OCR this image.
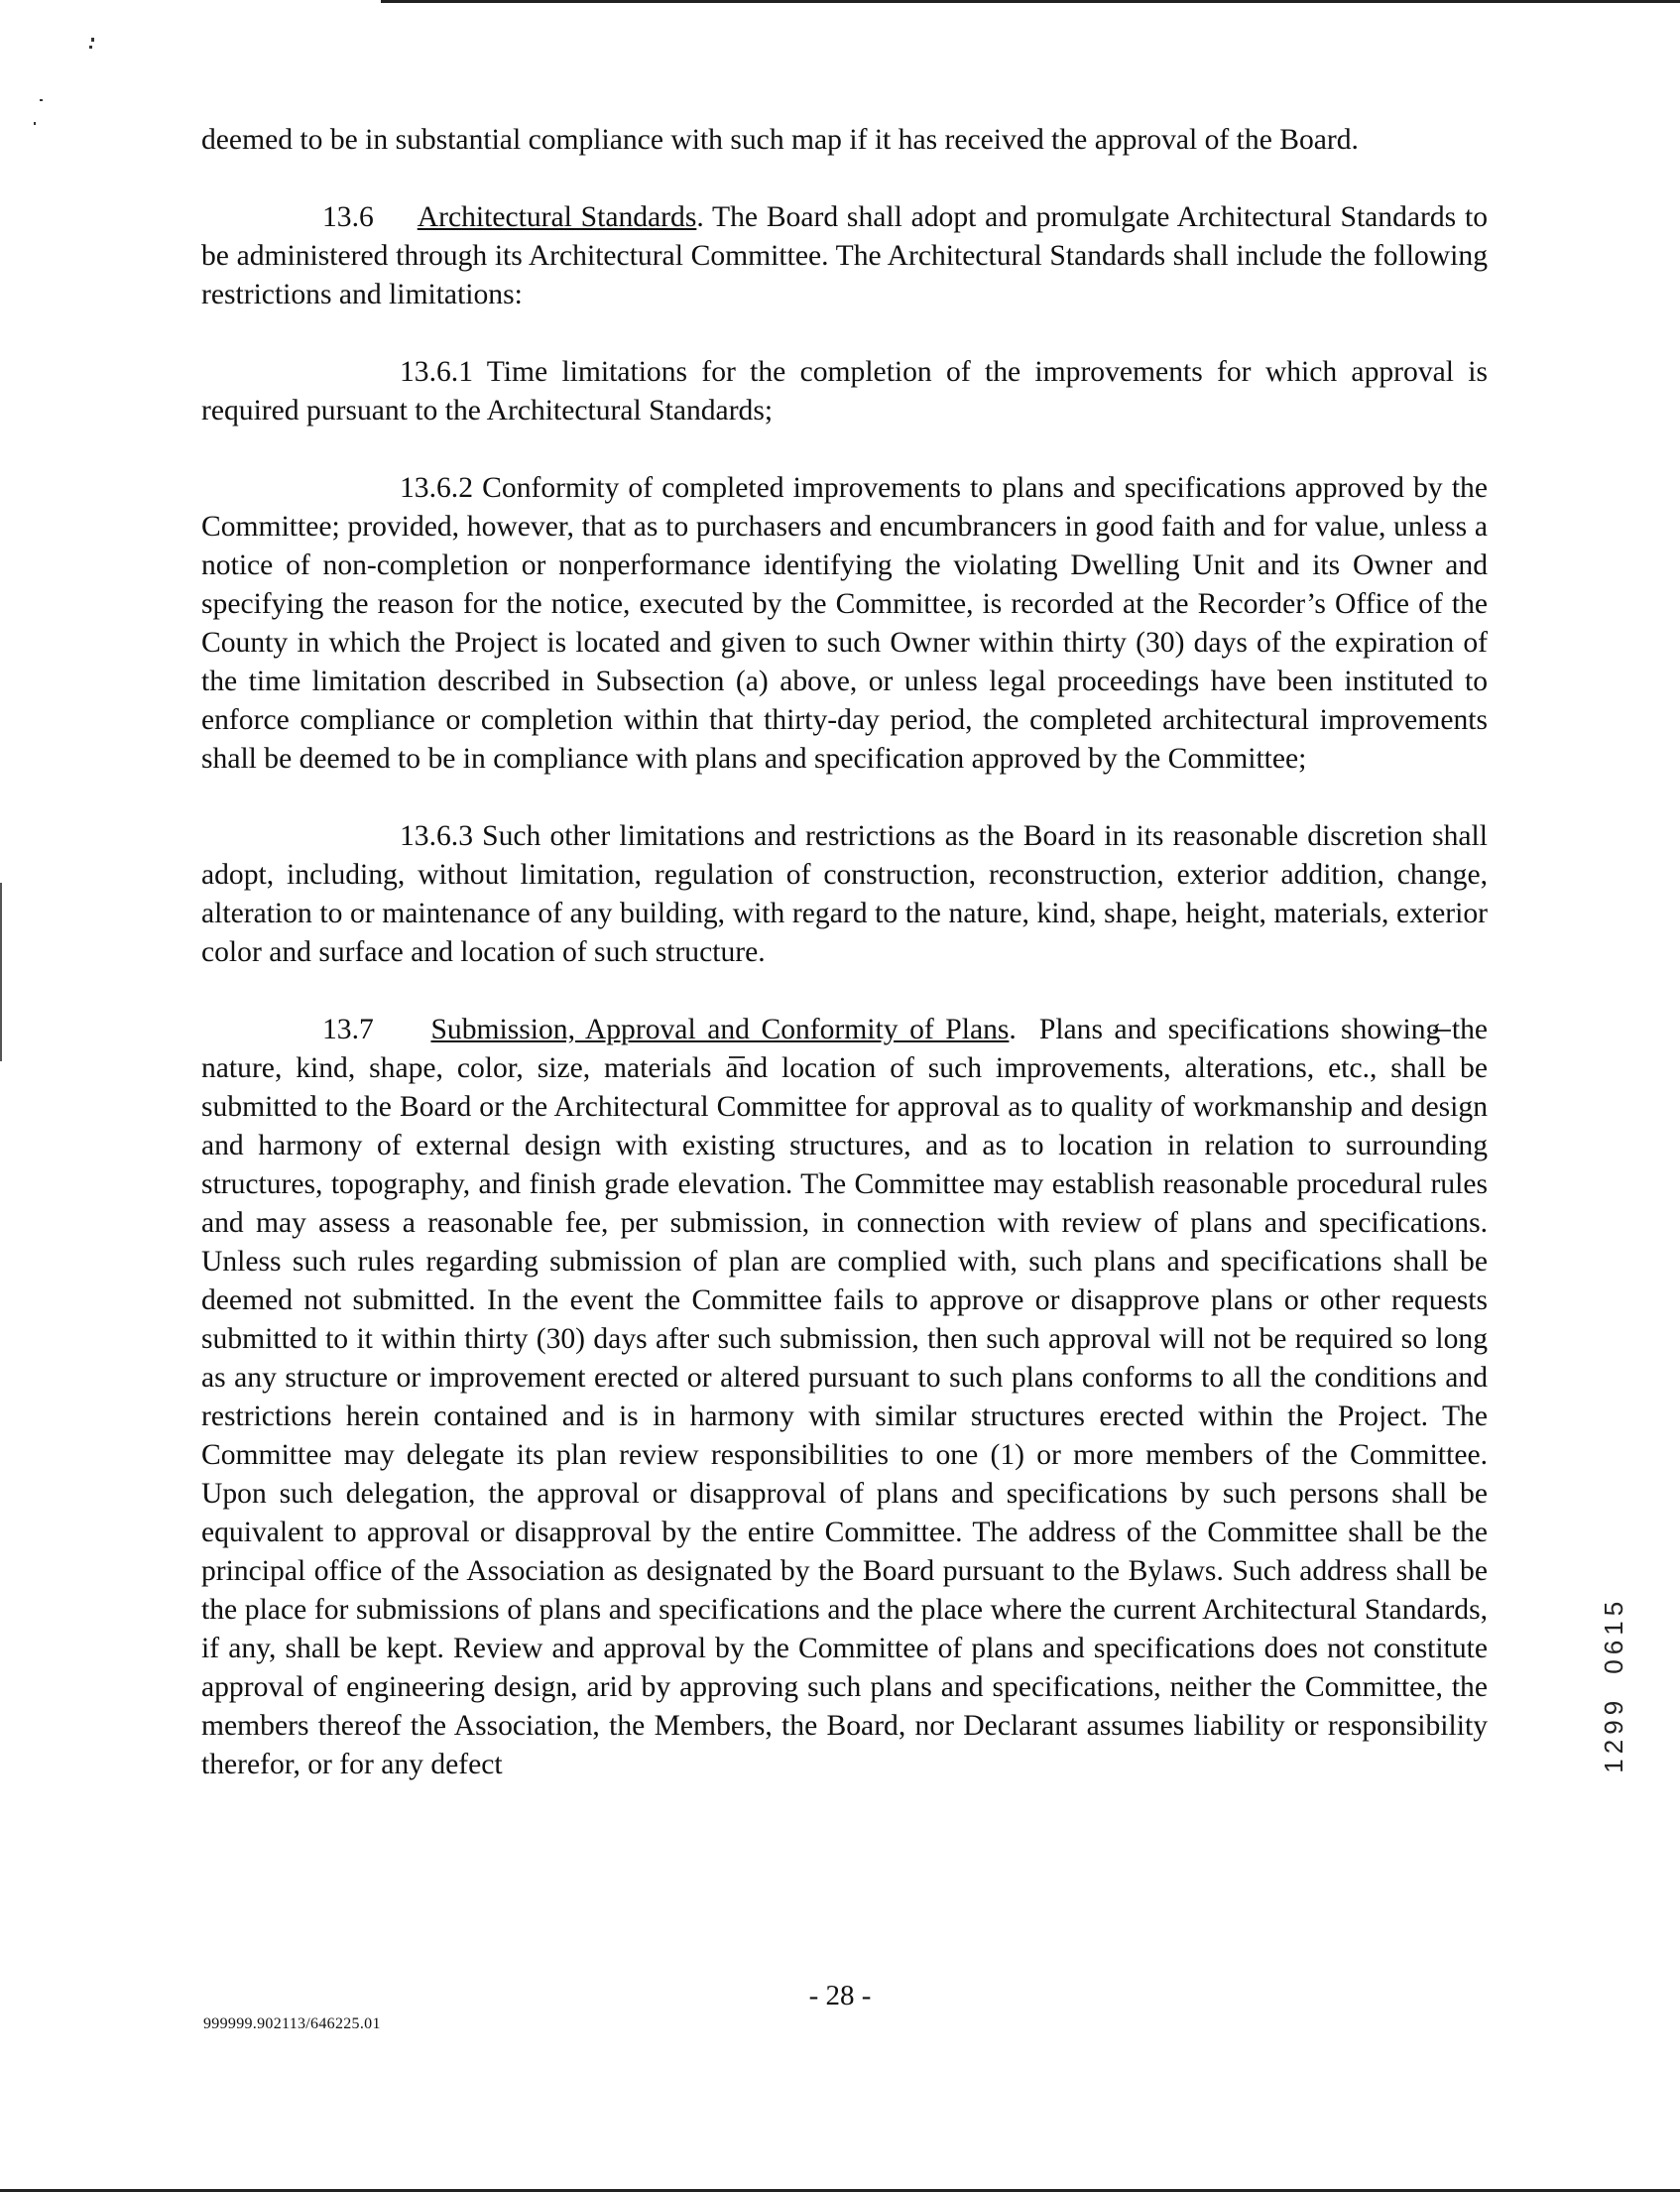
deemed to be in substantial compliance with such map if it has received the approval of the Board.

13.6 Architectural Standards. The Board shall adopt and promulgate Architectural Standards to be administered through its Architectural Committee. The Architectural Standards shall include the following restrictions and limitations:

13.6.1 Time limitations for the completion of the improvements for which approval is required pursuant to the Architectural Standards;

13.6.2 Conformity of completed improvements to plans and specifications approved by the Committee; provided, however, that as to purchasers and encumbrancers in good faith and for value, unless a notice of non-completion or nonperformance identifying the violating Dwelling Unit and its Owner and specifying the reason for the notice, executed by the Committee, is recorded at the Recorder’s Office of the County in which the Project is located and given to such Owner within thirty (30) days of the expiration of the time limitation described in Subsection (a) above, or unless legal proceedings have been instituted to enforce compliance or completion within that thirty-day period, the completed architectural improvements shall be deemed to be in compliance with plans and specification approved by the Committee;

13.6.3 Such other limitations and restrictions as the Board in its reasonable discretion shall adopt, including, without limitation, regulation of construction, reconstruction, exterior addition, change, alteration to or maintenance of any building, with regard to the nature, kind, shape, height, materials, exterior color and surface and location of such structure.

13.7 Submission, Approval and Conformity of Plans.  Plans and specifications showing the nature, kind, shape, color, size, materials and location of such improvements, alterations, etc., shall be submitted to the Board or the Architectural Committee for approval as to quality of workmanship and design and harmony of external design with existing structures, and as to location in relation to surrounding structures, topography, and finish grade elevation. The Committee may establish reasonable procedural rules and may assess a reasonable fee, per submission, in connection with review of plans and specifications. Unless such rules regarding submission of plan are complied with, such plans and specifications shall be deemed not submitted. In the event the Committee fails to approve or disapprove plans or other requests submitted to it within thirty (30) days after such submission, then such approval will not be required so long as any structure or improvement erected or altered pursuant to such plans conforms to all the conditions and restrictions herein contained and is in harmony with similar structures erected within the Project. The Committee may delegate its plan review responsibilities to one (1) or more members of the Committee. Upon such delegation, the approval or disapproval of plans and specifications by such persons shall be equivalent to approval or disapproval by the entire Committee. The address of the Committee shall be the principal office of the Association as designated by the Board pursuant to the Bylaws. Such address shall be the place for submissions of plans and specifications and the place where the current Architectural Standards, if any, shall be kept. Review and approval by the Committee of plans and specifications does not constitute approval of engineering design, arid by approving such plans and specifications, neither the Committee, the members thereof the Association, the Members, the Board, nor Declarant assumes liability or responsibility therefor, or for any defect

- 28 -
999999.902113/646225.01
12990615
